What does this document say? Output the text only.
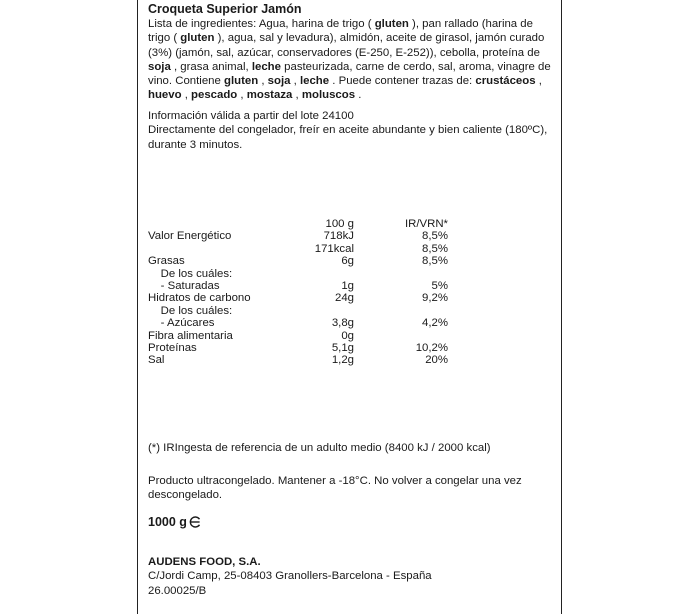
Croqueta Superior Jamón
Lista de ingredientes: Agua, harina de trigo ( gluten ), pan rallado (harina de trigo ( gluten ), agua, sal y levadura), almidón, aceite de girasol, jamón curado (3%) (jamón, sal, azúcar, conservadores (E-250, E-252)), cebolla, proteína de soja , grasa animal, leche pasteurizada, carne de cerdo, sal, aroma, vinagre de vino. Contiene gluten , soja , leche . Puede contener trazas de: crustáceos , huevo , pescado , mostaza , moluscos .
Información válida a partir del lote 24100
Directamente del congelador, freír en aceite abundante y bien caliente (180ºC), durante 3 minutos.
100 g	IR/VRN*
Valor Energético	718kJ	8,5%
171kcal	8,5%
Grasas	6g	8,5%
De los cuáles:
- Saturadas	1g	5%
Hidratos de carbono	24g	9,2%
De los cuáles:
- Azúcares	3,8g	4,2%
Fibra alimentaria	0g
Proteínas	5,1g	10,2%
Sal	1,2g	20%
(*) IRIngesta de referencia de un adulto medio (8400 kJ / 2000 kcal)
Producto ultracongelado. Mantener a -18°C. No volver a congelar una vez descongelado.
1000 g
AUDENS FOOD, S.A.
C/Jordi Camp, 25-08403 Granollers-Barcelona - España
26.00025/B
